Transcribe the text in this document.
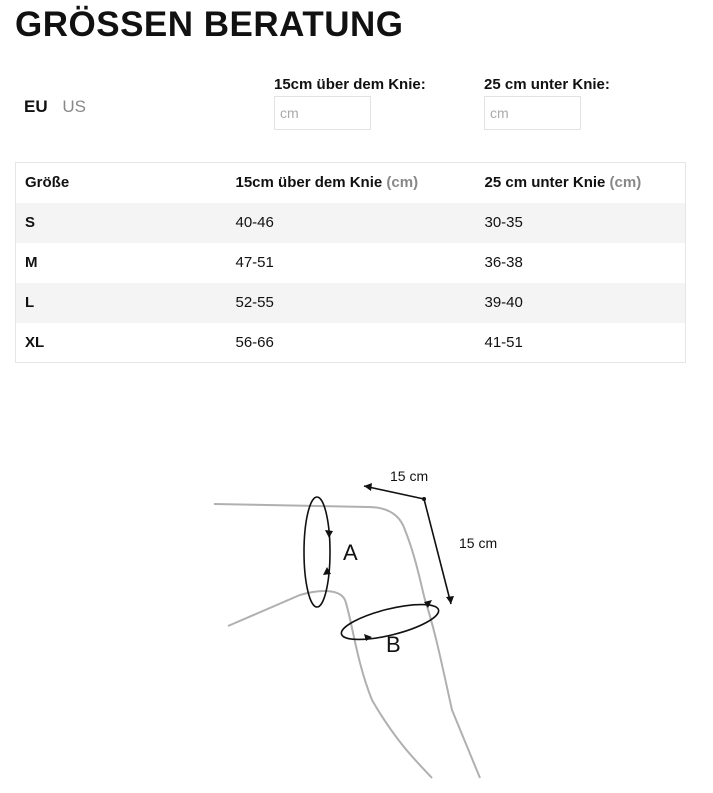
GRÖSSEN BERATUNG
EU US
15cm über dem Knie:
cm	25 cm unter Knie:
cm
Größe	15cm über dem Knie (cm)	25 cm unter Knie (cm)
S	40-46	30-35
M	47-51	36-38
L	52-55	39-40
XL	56-66	41-51
15 cm
15 cm
A
B
